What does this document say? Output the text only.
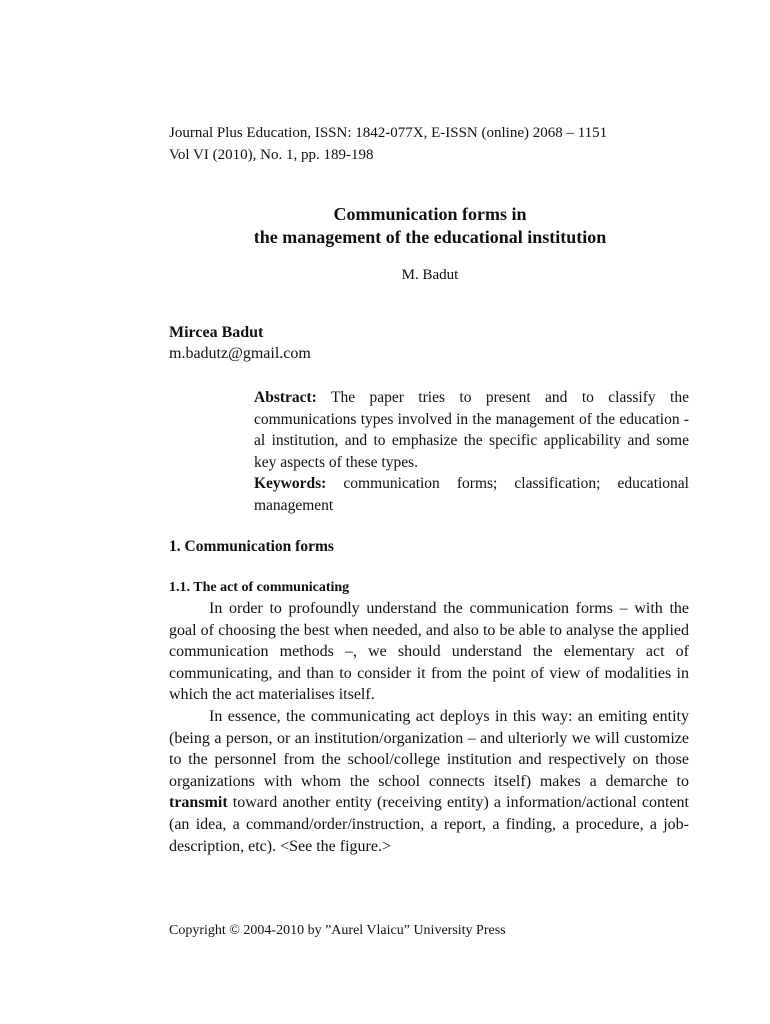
Journal Plus Education, ISSN: 1842-077X, E-ISSN (online) 2068 – 1151
Vol VI (2010), No. 1, pp. 189-198
Communication forms in
the management of the educational institution
M. Badut
Mircea Badut
m.badutz@gmail.com

Abstract: The paper tries to present and to classify the communications types involved in the management of the education -al institution, and to emphasize the specific applicability and some key aspects of these types.

Keywords: communication forms; classification; educational management

1. Communication forms
1.1. The act of communicating

In order to profoundly understand the communication forms – with the goal of choosing the best when needed, and also to be able to analyse the applied communication methods –, we should understand the elementary act of communicating, and than to consider it from the point of view of modalities in which the act materialises itself.

In essence, the communicating act deploys in this way: an emiting entity (being a person, or an institution/organization – and ulteriorly we will customize to the personnel from the school/college institution and respectively on those organizations with whom the school connects itself) makes a demarche to transmit toward another entity (receiving entity) a information/actional content (an idea, a command/order/instruction, a report, a finding, a procedure, a job-description, etc). <See the figure.>

Copyright © 2004-2010 by ”Aurel Vlaicu” University Press
